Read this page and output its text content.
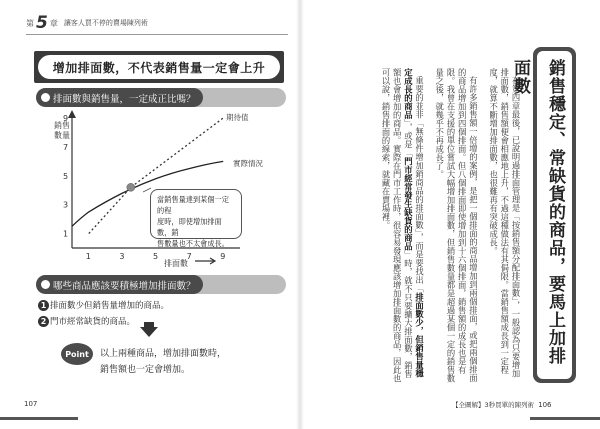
第 5 章 讓客人買不停的賣場陳列術
增加排面數，不代表銷售量一定會上升
排面數與銷售量，一定成正比嗎？
1
3
5
7
9
1	3	5	7	9
銷售
數量
期待值
實際情況
排面數
當銷售量達到某個一定的程
度時，即使增加排面數，銷
售數量也不太會成長。
哪些商品應該要積極增加排面數？
1 排面數少但銷售量增加的商品。
2 門市經常缺貨的商品。
Point	以上兩種商品，增加排面數時，
銷售額也一定會增加。
107

在第四章最後，已說明過排面管理是「按銷售額分配排面數」，一般認為只要增加排面數，銷售額便會相應地上升，不過這種做法有其侷限。當銷售額成長到一定程度，就算不斷增加排面數，也很難再有突破成長。

有許多銷售額一倍增的案例，是把一個排面的商品增加到兩個排面，或把兩個排面的商品增加到四個排面。但八個排面即使增加到十六個排面，銷售額的成長也是有限。我曾在支援的單位嘗試大幅增加排面數，但銷售數量都是超過某個一定的銷售數量之後，就幾乎不再成長了。

重要的並非「無條件增加銷商品的排面數」，而是要找出「排面數少，但銷售量穩定成長的商品」，或是「門市經常發生缺貨的商品」時，就不只要擴大排面數，銷售額也會增加的商品。實際在門市工作時，很容易發現應該增加排面數的商品，因此也可以說，銷售排面的線索，就藏在賣場裡。	銷售穩定、常缺貨的商品，要馬上加排面數
【全圖解】3秒買單的陳列術 106
